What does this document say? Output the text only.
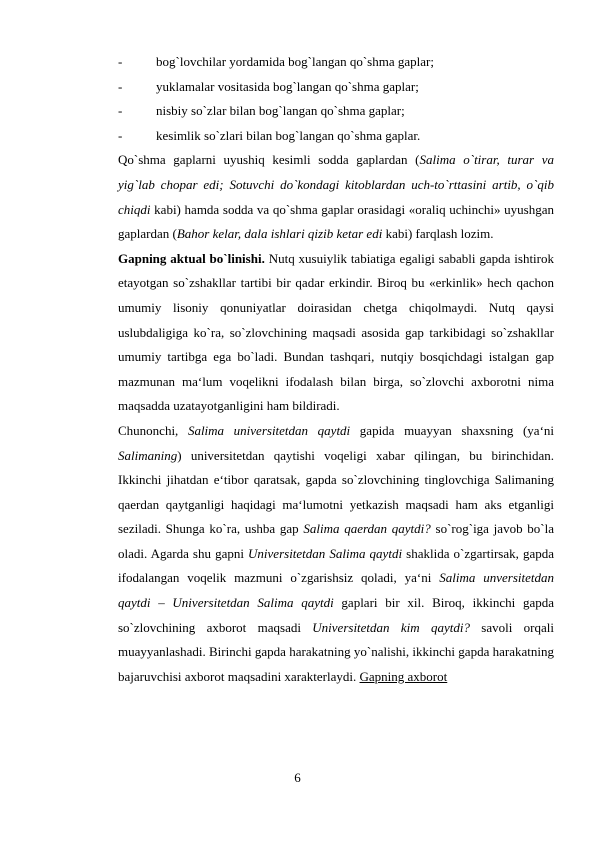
-	bog`lovchilar yordamida bog`langan qo`shma gaplar;
-	yuklamalar vositasida bog`langan qo`shma gaplar;
-	nisbiy so`zlar bilan bog`langan qo`shma gaplar;
-	kesimlik so`zlari bilan bog`langan qo`shma gaplar.

Qo`shma gaplarni uyushiq kesimli sodda gaplardan (Salima o`tirar, turar va yig`lab chopar edi; Sotuvchi do`kondagi kitoblardan uch-to`rttasini artib, o`qib chiqdi kabi) hamda sodda va qo`shma gaplar orasidagi «oraliq uchinchi» uyushgan gaplardan (Bahor kelar, dala ishlari qizib ketar edi kabi) farqlash lozim.

Gapning aktual bo`linishi. Nutq xusuiylik tabiatiga egaligi sababli gapda ishtirok etayotgan so`zshakllar tartibi bir qadar erkindir. Biroq bu «erkinlik» hech qachon umumiy lisoniy qonuniyatlar doirasidan chetga chiqolmaydi. Nutq qaysi uslubdaligiga ko`ra, so`zlovchining maqsadi asosida gap tarkibidagi so`zshakllar umumiy tartibga ega bo`ladi. Bundan tashqari, nutqiy bosqichdagi istalgan gap mazmunan ma‘lum voqelikni ifodalash bilan birga, so`zlovchi axborotni nima maqsadda uzatayotganligini ham bildiradi.

Chunonchi, Salima universitetdan qaytdi gapida muayyan shaxsning (ya‘ni Salimaning) universitetdan qaytishi voqeligi xabar qilingan, bu birinchidan. Ikkinchi jihatdan e‘tibor qaratsak, gapda so`zlovchining tinglovchiga Salimaning qaerdan qaytganligi haqidagi ma‘lumotni yetkazish maqsadi ham aks etganligi seziladi. Shunga ko`ra, ushba gap Salima qaerdan qaytdi? so`rog`iga javob bo`la oladi. Agarda shu gapni Universitetdan Salima qaytdi shaklida o`zgartirsak, gapda ifodalangan voqelik mazmuni o`zgarishsiz qoladi, ya‘ni Salima unversitetdan qaytdi – Universitetdan Salima qaytdi gaplari bir xil. Biroq, ikkinchi gapda so`zlovchining axborot maqsadi Universitetdan kim qaytdi? savoli orqali muayyanlashadi. Birinchi gapda harakatning yo`nalishi, ikkinchi gapda harakatning bajaruvchisi axborot maqsadini xarakterlaydi. Gapning axborot

6
